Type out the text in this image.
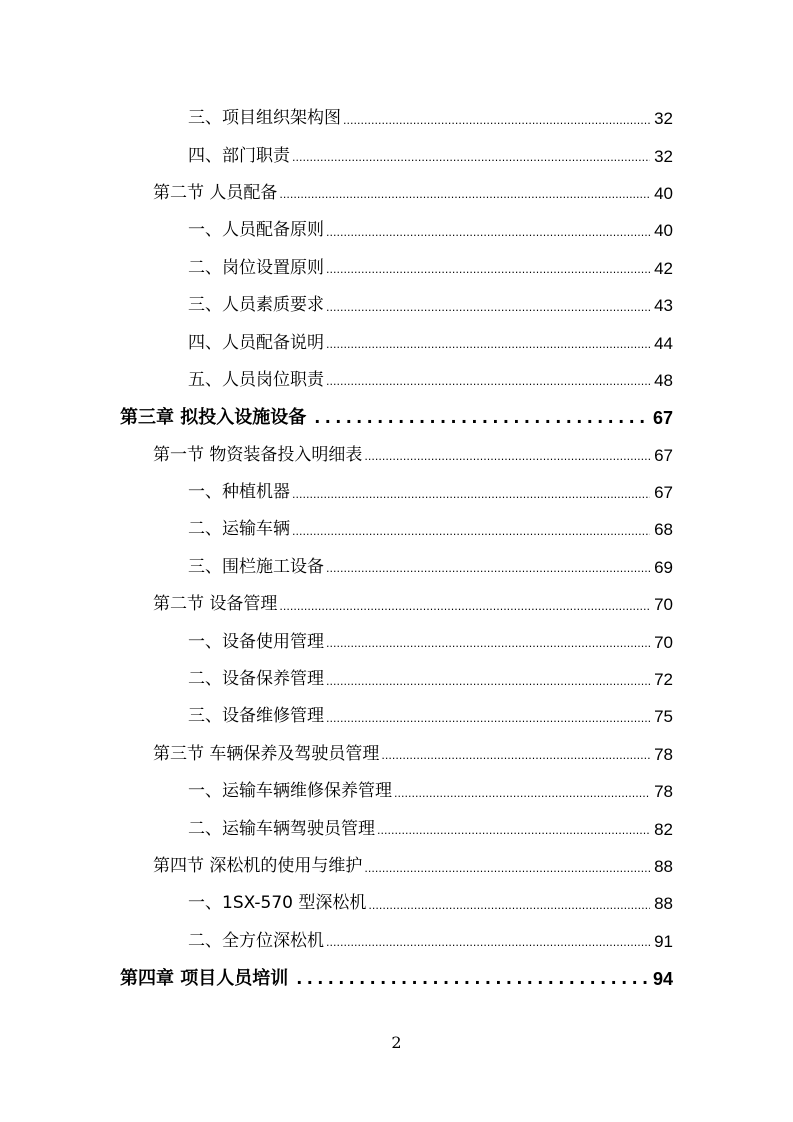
三、项目组织架构图 .....	32
四、部门职责 .....	32
第二节 人员配备 .....	40
一、人员配备原则 .....	40
二、岗位设置原则 .....	42
三、人员素质要求 .....	43
四、人员配备说明 .....	44
五、人员岗位职责 .....	48
第三章 拟投入设施设备 .....	67
第一节 物资装备投入明细表 .....	67
一、种植机器 .....	67
二、运输车辆 .....	68
三、围栏施工设备 .....	69
第二节 设备管理 .....	70
一、设备使用管理 .....	70
二、设备保养管理 .....	72
三、设备维修管理 .....	75
第三节 车辆保养及驾驶员管理 .....	78
一、运输车辆维修保养管理 .....	78
二、运输车辆驾驶员管理 .....	82
第四节 深松机的使用与维护 .....	88
一、1SX-570 型深松机 .....	88
二、全方位深松机 .....	91
第四章 项目人员培训 .....	94
2
